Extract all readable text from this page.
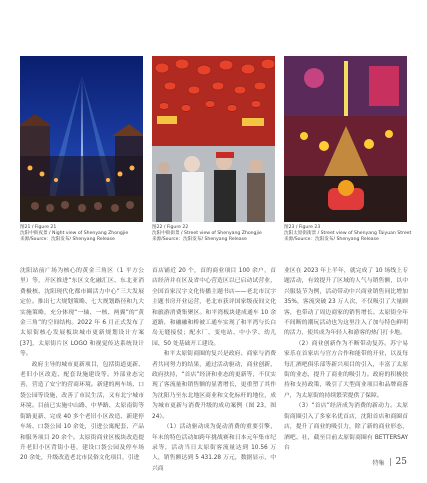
图21 / Figure 21
沈阳中街夜景 / Night view of Shenyang Zhongjie
来源/Source：沈阳发布/ Shenyang Release
图22 / Figure 22
沈阳中街街景 / Street view of Shenyang Zhongjie
来源/Source：沈阳发布/ Shenyang Release
图23 / Figure 23
沈阳太原街街景 / Street view of Shenyang Taiyuan Street
来源/Source：沈阳发布/ Shenyang Release

沈阳站前广场为核心的黄金三角区（1 平方公里）等，开区推进“东区文化融汇区、东北亚消费极核、沈阳现代化都市圈活力中心”三大发展定位。推出七大规划策略、七大规划路径和九大实施策略，充分体现“一轴、一核、两翼”的“黄金三角”的空间结构。2022 年 6 月正式发布了太原街核心发展板块城市更新规划设计方案 [37]，太原街片区 LOGO 和视觉传达系统设计等。

政府主导的城市更新项目，包括街道更新、老旧小区改造、配套设施建设等。外部业态完善，营造了安宁的营商环境。新建的两车场、口袋公园等设施，改善了市民生活，又有北宁城市环境。目前已实施中山路、中华路、太原南街等街路更新、完成 40 多个老旧小区改造、新建停车场、口袋公园 10 余处，引进公寓配套、产品和服务项目 20 余个。太原街商业区板块改造提升老旧小区背街小巷，建设口袋公园及停车场 20 余处，升级改造老北市民俗文化项目，引进

首店铺近 20 个，首的商业项目 100 余户，首店经济并在区及省中心营造区以已启动试营业，全国首家汉字文化传播主题书店——老北市汉字主题书房开业运营，老北市获评国家级夜间文化和旅游消费集聚区。和平湾板块建成通车 10 余道路，和融融和桥被工通车实现了和平湾与长白岛无缝接驳；配水厂、变电站、中小学、幼儿园、50 处基础开工建设。

和平太原街商圈的复兴是政府、商家与消费者共同努力的结果，通过活动驱动，商业创新，政府扶持，“首店”经济和业态的更新等，不仅实现了客流量和销售额的显著增长，更重塑了其作为沈阳乃至东北地区商业和文化标杆的地位，成为城市更新与消费升级的成功案例（图 23，图 24）。

（1）活动驱动成为促动消费的重要引擎，年末的特色活动如跨年挑战赛和日本元年集市纪录等，活动当日太原街客流量达到 10.56 万人，销售额达到 5 431.28 万元，数据显示，中兴商

业区在 2023 年上半年，就完成了 10 场线上专题活动，有效提升了区域的人气与销售额，以中兴服装节为例，活动带动中兴商业销售同比增加 35%，客流突破 23 万人次，不仅吸引了大量顾客，也带动了周边商家的销售增长。太原街全年不间断的潮玩活动也为这里注入了加与特色鲜明的活力，使其成为年轻人和游客的热门打卡地。

（2）商业创新作为不断带动复苏。苏宁易家乐在首家店与官方合作和能带的开业，以及每每汇酒吧俱乐部等新兴项目的引入，丰富了太原街的业态，提升了商业的吸引力。政府的积极扶持和支持政策，吸引了大型商业项目和品牌商落户，为太原街的持续繁荣提供了保障。

（3）“首店”经济成为消费的新动力。太原街商圈引入了多家名优首店，沈阳首店和商圈首店，提升了商业的吸引力，除了新的商业形态，酒吧、社，截至目前太原街商圈有 BETTERSAY 台

特集 25
